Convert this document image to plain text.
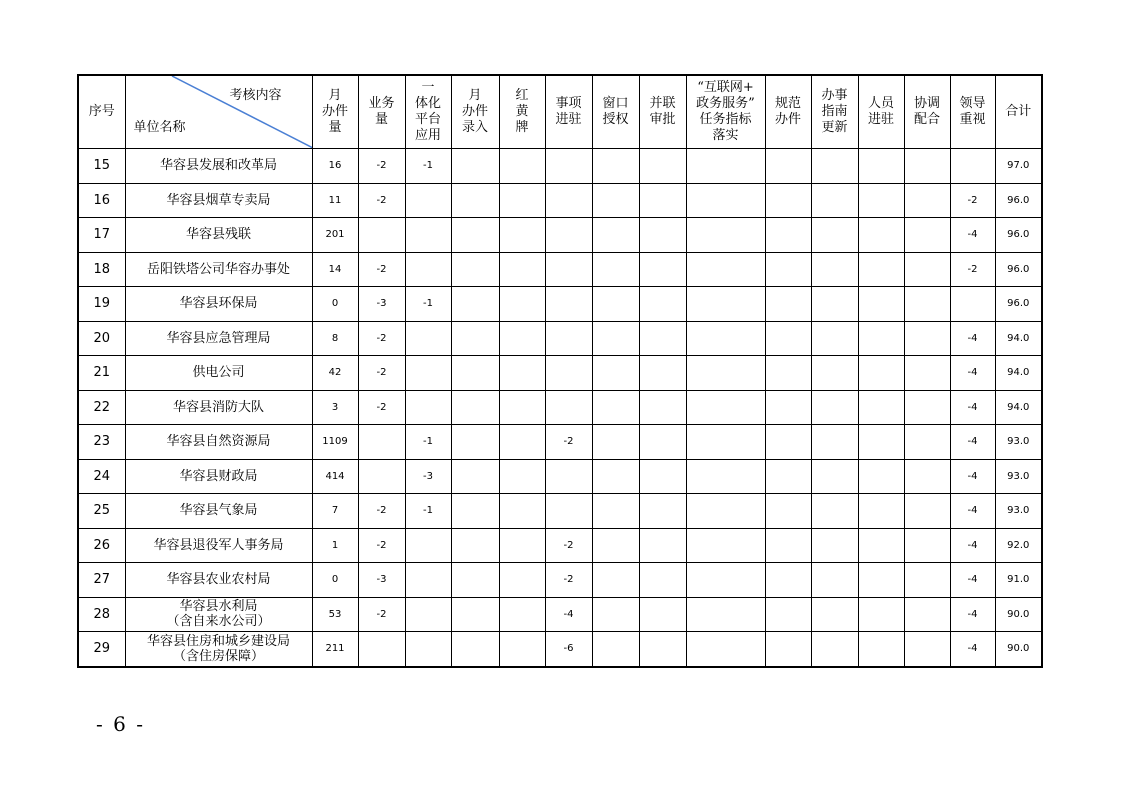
序号	考核内容
单位名称	月
办件
量	业务
量	一
体化
平台
应用	月
办件
录入	红
黄
牌	事项
进驻	窗口
授权	并联
审批	“互联网+
政务服务”
任务指标
落实	规范
办件	办事
指南
更新	人员
进驻	协调
配合	领导
重视	合计

15	华容县发展和改革局	16	-2	-1												97.0
16	华容县烟草专卖局	11	-2												-2	96.0
17	华容县残联	201													-4	96.0
18	岳阳铁塔公司华容办事处	14	-2												-2	96.0
19	华容县环保局	0	-3	-1												96.0
20	华容县应急管理局	8	-2												-4	94.0
21	供电公司	42	-2												-4	94.0
22	华容县消防大队	3	-2												-4	94.0
23	华容县自然资源局	1109		-1			-2								-4	93.0
24	华容县财政局	414		-3											-4	93.0
25	华容县气象局	7	-2	-1											-4	93.0
26	华容县退役军人事务局	1	-2				-2								-4	92.0
27	华容县农业农村局	0	-3				-2								-4	91.0
28	华容县水利局
（含自来水公司）	53	-2				-4								-4	90.0
29	华容县住房和城乡建设局
（含住房保障）	211					-6								-4	90.0
- 6 -
